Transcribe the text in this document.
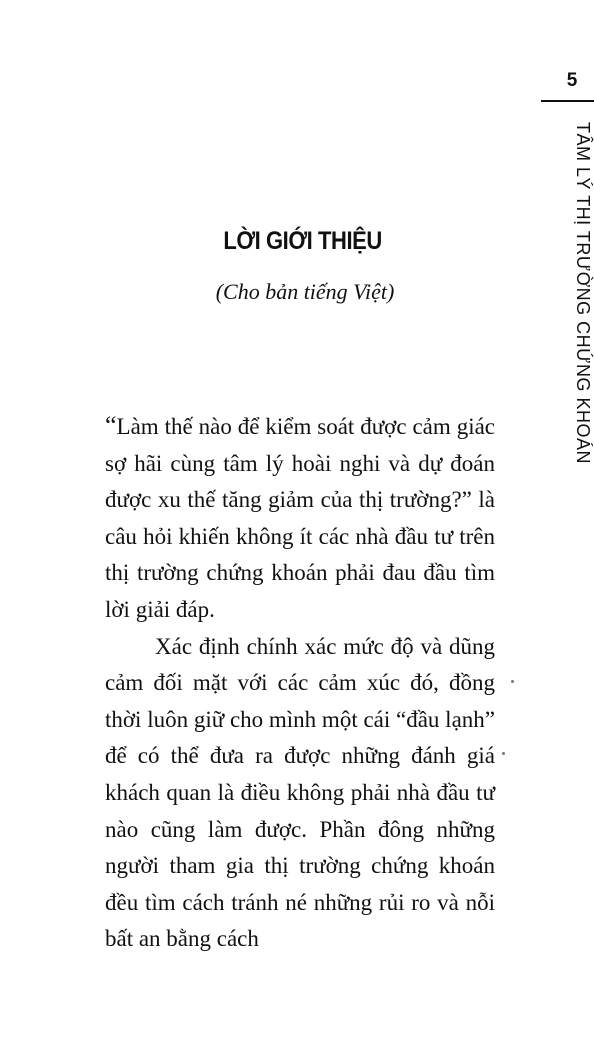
5
TÂM LÝ THỊ TRƯỜNG CHỨNG KHOÁN
LỜI GIỚI THIỆU
(Cho bản tiếng Việt)

“Làm thế nào để kiểm soát được cảm giác sợ hãi cùng tâm lý hoài nghi và dự đoán được xu thế tăng giảm của thị trường?” là câu hỏi khiến không ít các nhà đầu tư trên thị trường chứng khoán phải đau đầu tìm lời giải đáp.

Xác định chính xác mức độ và dũng cảm đối mặt với các cảm xúc đó, đồng thời luôn giữ cho mình một cái “đầu lạnh” để có thể đưa ra được những đánh giá khách quan là điều không phải nhà đầu tư nào cũng làm được. Phần đông những người tham gia thị trường chứng khoán đều tìm cách tránh né những rủi ro và nỗi bất an bằng cách
